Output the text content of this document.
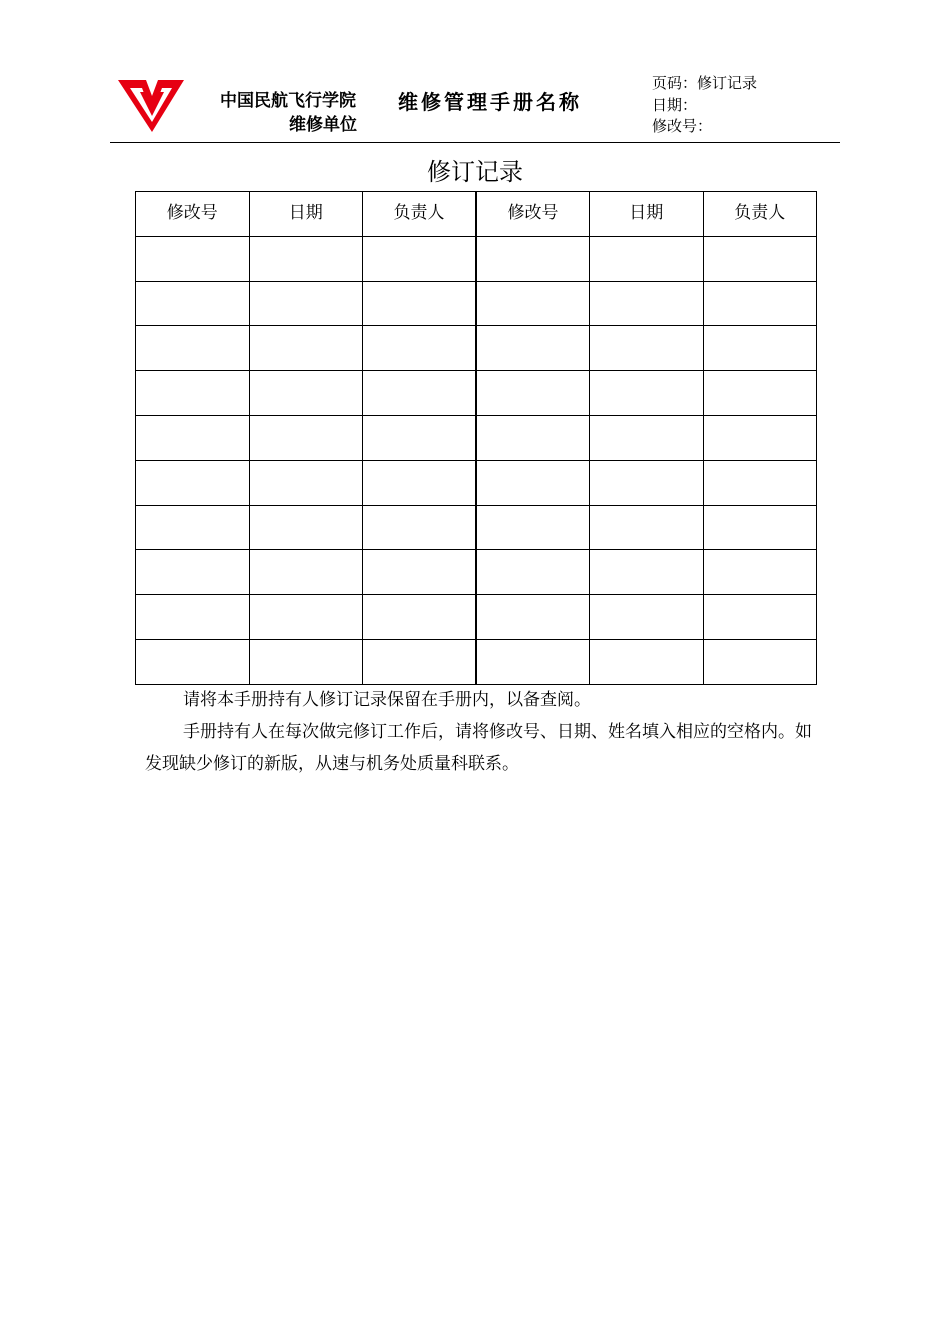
中国民航飞行学院
维修单位
维修管理手册名称
页码：修订记录
日期：
修改号：
修订记录
修改号	日期	负责人	修改号	日期	负责人

请将本手册持有人修订记录保留在手册内，以备查阅。

手册持有人在每次做完修订工作后，请将修改号、日期、姓名填入相应的空格内。如发现缺少修订的新版，从速与机务处质量科联系。
